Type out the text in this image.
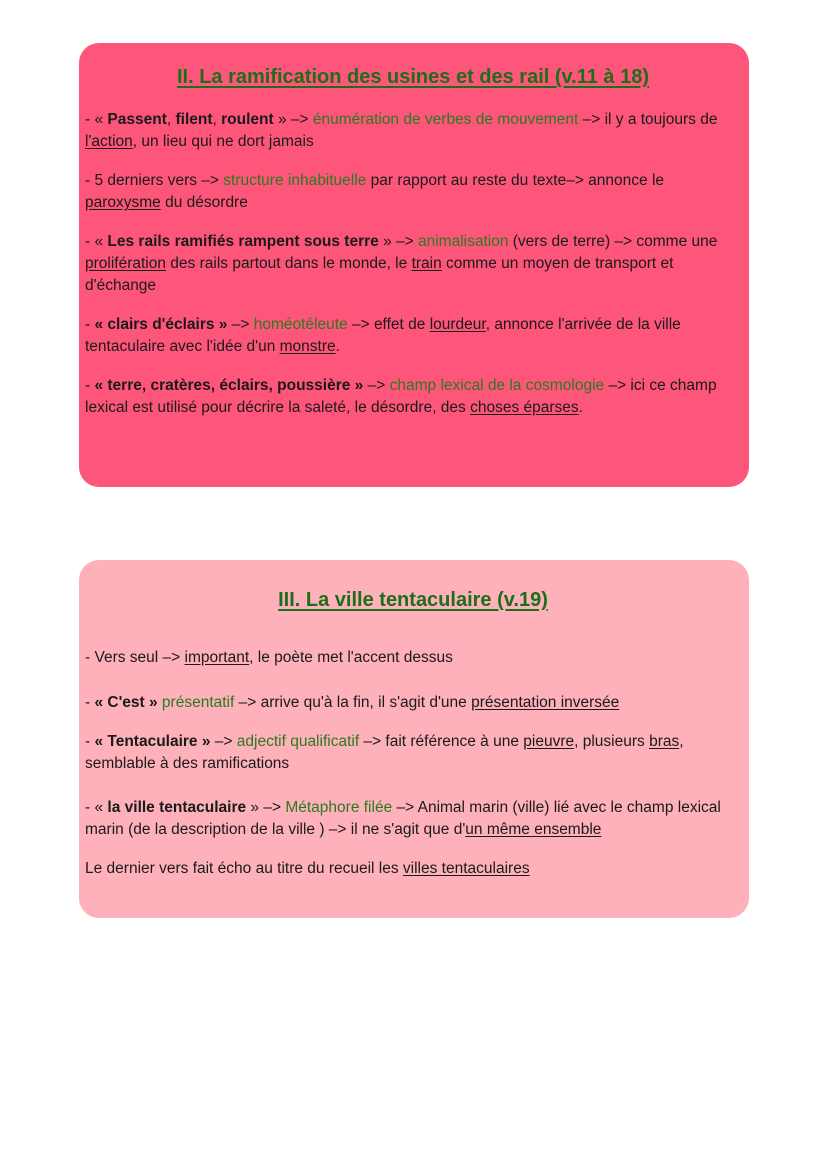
II. La ramification des usines et des rail (v.11 à 18)

- « Passent, filent, roulent » –> énumération de verbes de mouvement –> il y a toujours de l'action, un lieu qui ne dort jamais

- 5 derniers vers –> structure inhabituelle par rapport au reste du texte–> annonce le paroxysme du désordre

- « Les rails ramifiés rampent sous terre » –> animalisation (vers de terre) –> comme une prolifération des rails partout dans le monde, le train comme un moyen de transport et d'échange

- « clairs d'éclairs » –> homéotéleute –> effet de lourdeur, annonce l'arrivée de la ville tentaculaire avec l'idée d'un monstre.

- « terre, cratères, éclairs, poussière » –> champ lexical de la cosmologie –> ici ce champ lexical est utilisé pour décrire la saleté, le désordre, des choses éparses.

III. La ville tentaculaire (v.19)

- Vers seul –> important, le poète met l'accent dessus

- « C'est » présentatif –> arrive qu'à la fin, il s'agit d'une présentation inversée

- « Tentaculaire » –> adjectif qualificatif –> fait référence à une pieuvre, plusieurs bras, semblable à des ramifications

- « la ville tentaculaire » –> Métaphore filée –> Animal marin (ville) lié avec le champ lexical marin (de la description de la ville ) –> il ne s'agit que d'un même ensemble

Le dernier vers fait écho au titre du recueil les villes tentaculaires
